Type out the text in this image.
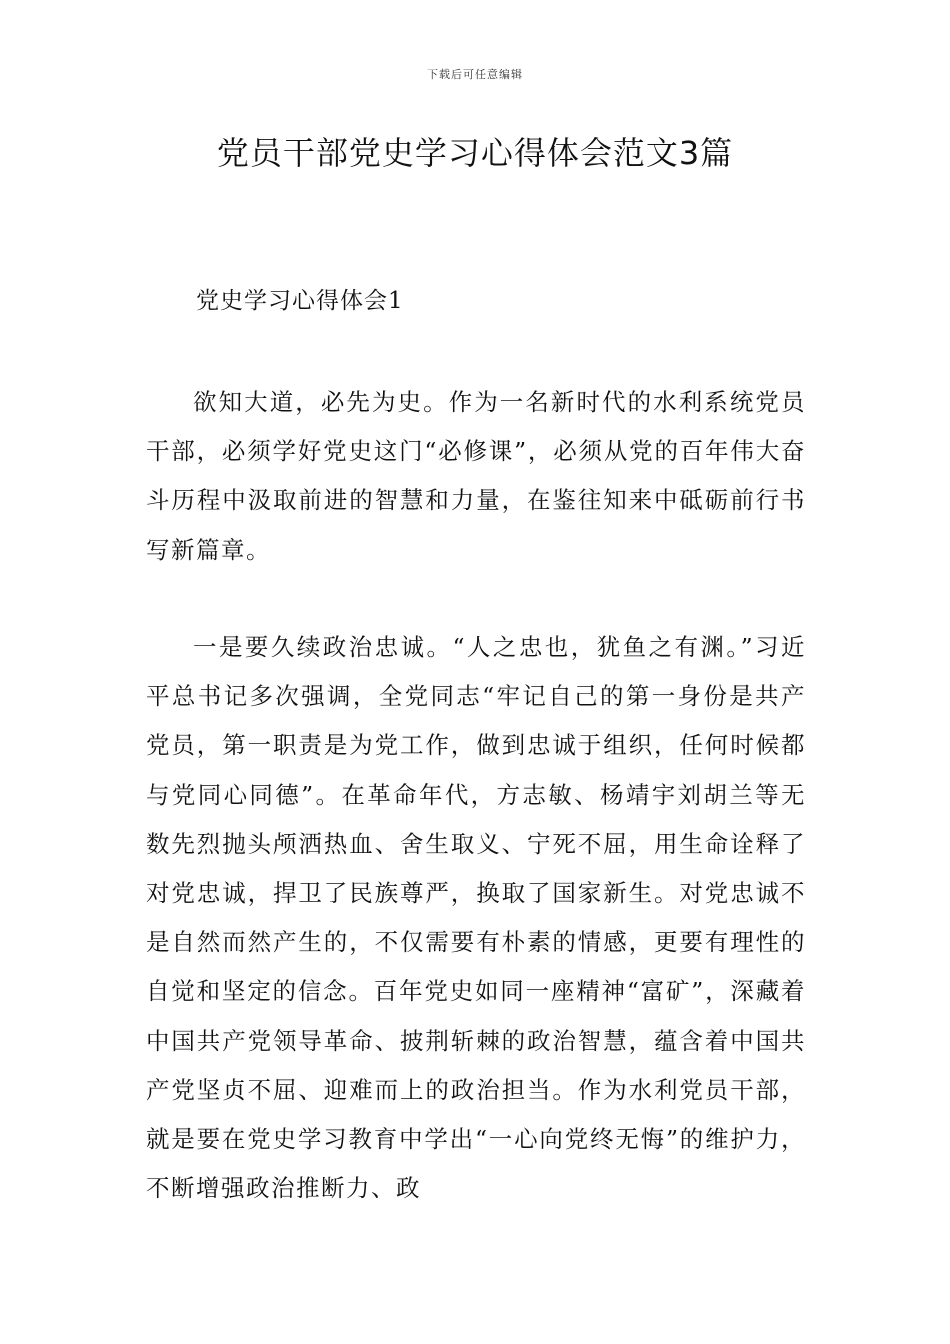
下载后可任意编辑
党员干部党史学习心得体会范文3篇

党史学习心得体会1

欲知大道，必先为史。作为一名新时代的水利系统党员干部，必须学好党史这门“必修课”，必须从党的百年伟大奋斗历程中汲取前进的智慧和力量，在鉴往知来中砥砺前行书写新篇章。

一是要久续政治忠诚。“人之忠也，犹鱼之有渊。”习近平总书记多次强调，全党同志“牢记自己的第一身份是共产党员，第一职责是为党工作，做到忠诚于组织，任何时候都与党同心同德”。在革命年代，方志敏、杨靖宇刘胡兰等无数先烈抛头颅洒热血、舍生取义、宁死不屈，用生命诠释了对党忠诚，捍卫了民族尊严，换取了国家新生。对党忠诚不是自然而然产生的，不仅需要有朴素的情感，更要有理性的自觉和坚定的信念。百年党史如同一座精神“富矿”，深藏着中国共产党领导革命、披荆斩棘的政治智慧，蕴含着中国共产党坚贞不屈、迎难而上的政治担当。作为水利党员干部，就是要在党史学习教育中学出“一心向党终无悔”的维护力，不断增强政治推断力、政
